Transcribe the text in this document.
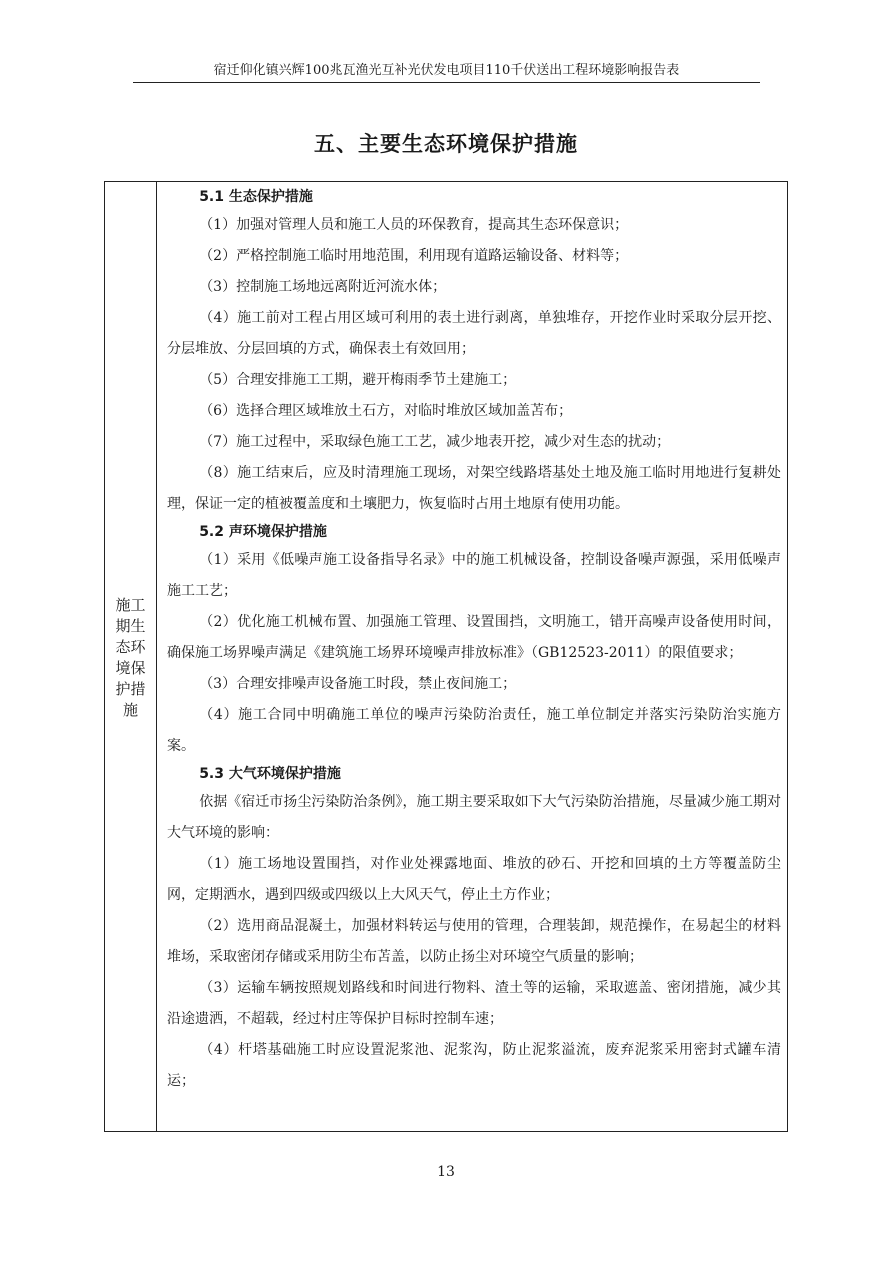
宿迁仰化镇兴辉100兆瓦渔光互补光伏发电项目110千伏送出工程环境影响报告表
五、主要生态环境保护措施
施工期生态环境保护措施
5.1 生态保护措施

（1）加强对管理人员和施工人员的环保教育，提高其生态环保意识；

（2）严格控制施工临时用地范围，利用现有道路运输设备、材料等；

（3）控制施工场地远离附近河流水体；

（4）施工前对工程占用区域可利用的表土进行剥离，单独堆存，开挖作业时采取分层开挖、分层堆放、分层回填的方式，确保表土有效回用；

（5）合理安排施工工期，避开梅雨季节土建施工；

（6）选择合理区域堆放土石方，对临时堆放区域加盖苫布；

（7）施工过程中，采取绿色施工工艺，减少地表开挖，减少对生态的扰动；

（8）施工结束后，应及时清理施工现场，对架空线路塔基处土地及施工临时用地进行复耕处理，保证一定的植被覆盖度和土壤肥力，恢复临时占用土地原有使用功能。

5.2 声环境保护措施

（1）采用《低噪声施工设备指导名录》中的施工机械设备，控制设备噪声源强，采用低噪声施工工艺；

（2）优化施工机械布置、加强施工管理、设置围挡，文明施工，错开高噪声设备使用时间，确保施工场界噪声满足《建筑施工场界环境噪声排放标准》（GB12523-2011）的限值要求；

（3）合理安排噪声设备施工时段，禁止夜间施工；

（4）施工合同中明确施工单位的噪声污染防治责任，施工单位制定并落实污染防治实施方案。

5.3 大气环境保护措施

依据《宿迁市扬尘污染防治条例》，施工期主要采取如下大气污染防治措施，尽量减少施工期对大气环境的影响：

（1）施工场地设置围挡，对作业处裸露地面、堆放的砂石、开挖和回填的土方等覆盖防尘网，定期洒水，遇到四级或四级以上大风天气，停止土方作业；

（2）选用商品混凝土，加强材料转运与使用的管理，合理装卸，规范操作，在易起尘的材料堆场，采取密闭存储或采用防尘布苫盖，以防止扬尘对环境空气质量的影响；

（3）运输车辆按照规划路线和时间进行物料、渣土等的运输，采取遮盖、密闭措施，减少其沿途遗洒，不超载，经过村庄等保护目标时控制车速；

（4）杆塔基础施工时应设置泥浆池、泥浆沟，防止泥浆溢流，废弃泥浆采用密封式罐车清运；

13
